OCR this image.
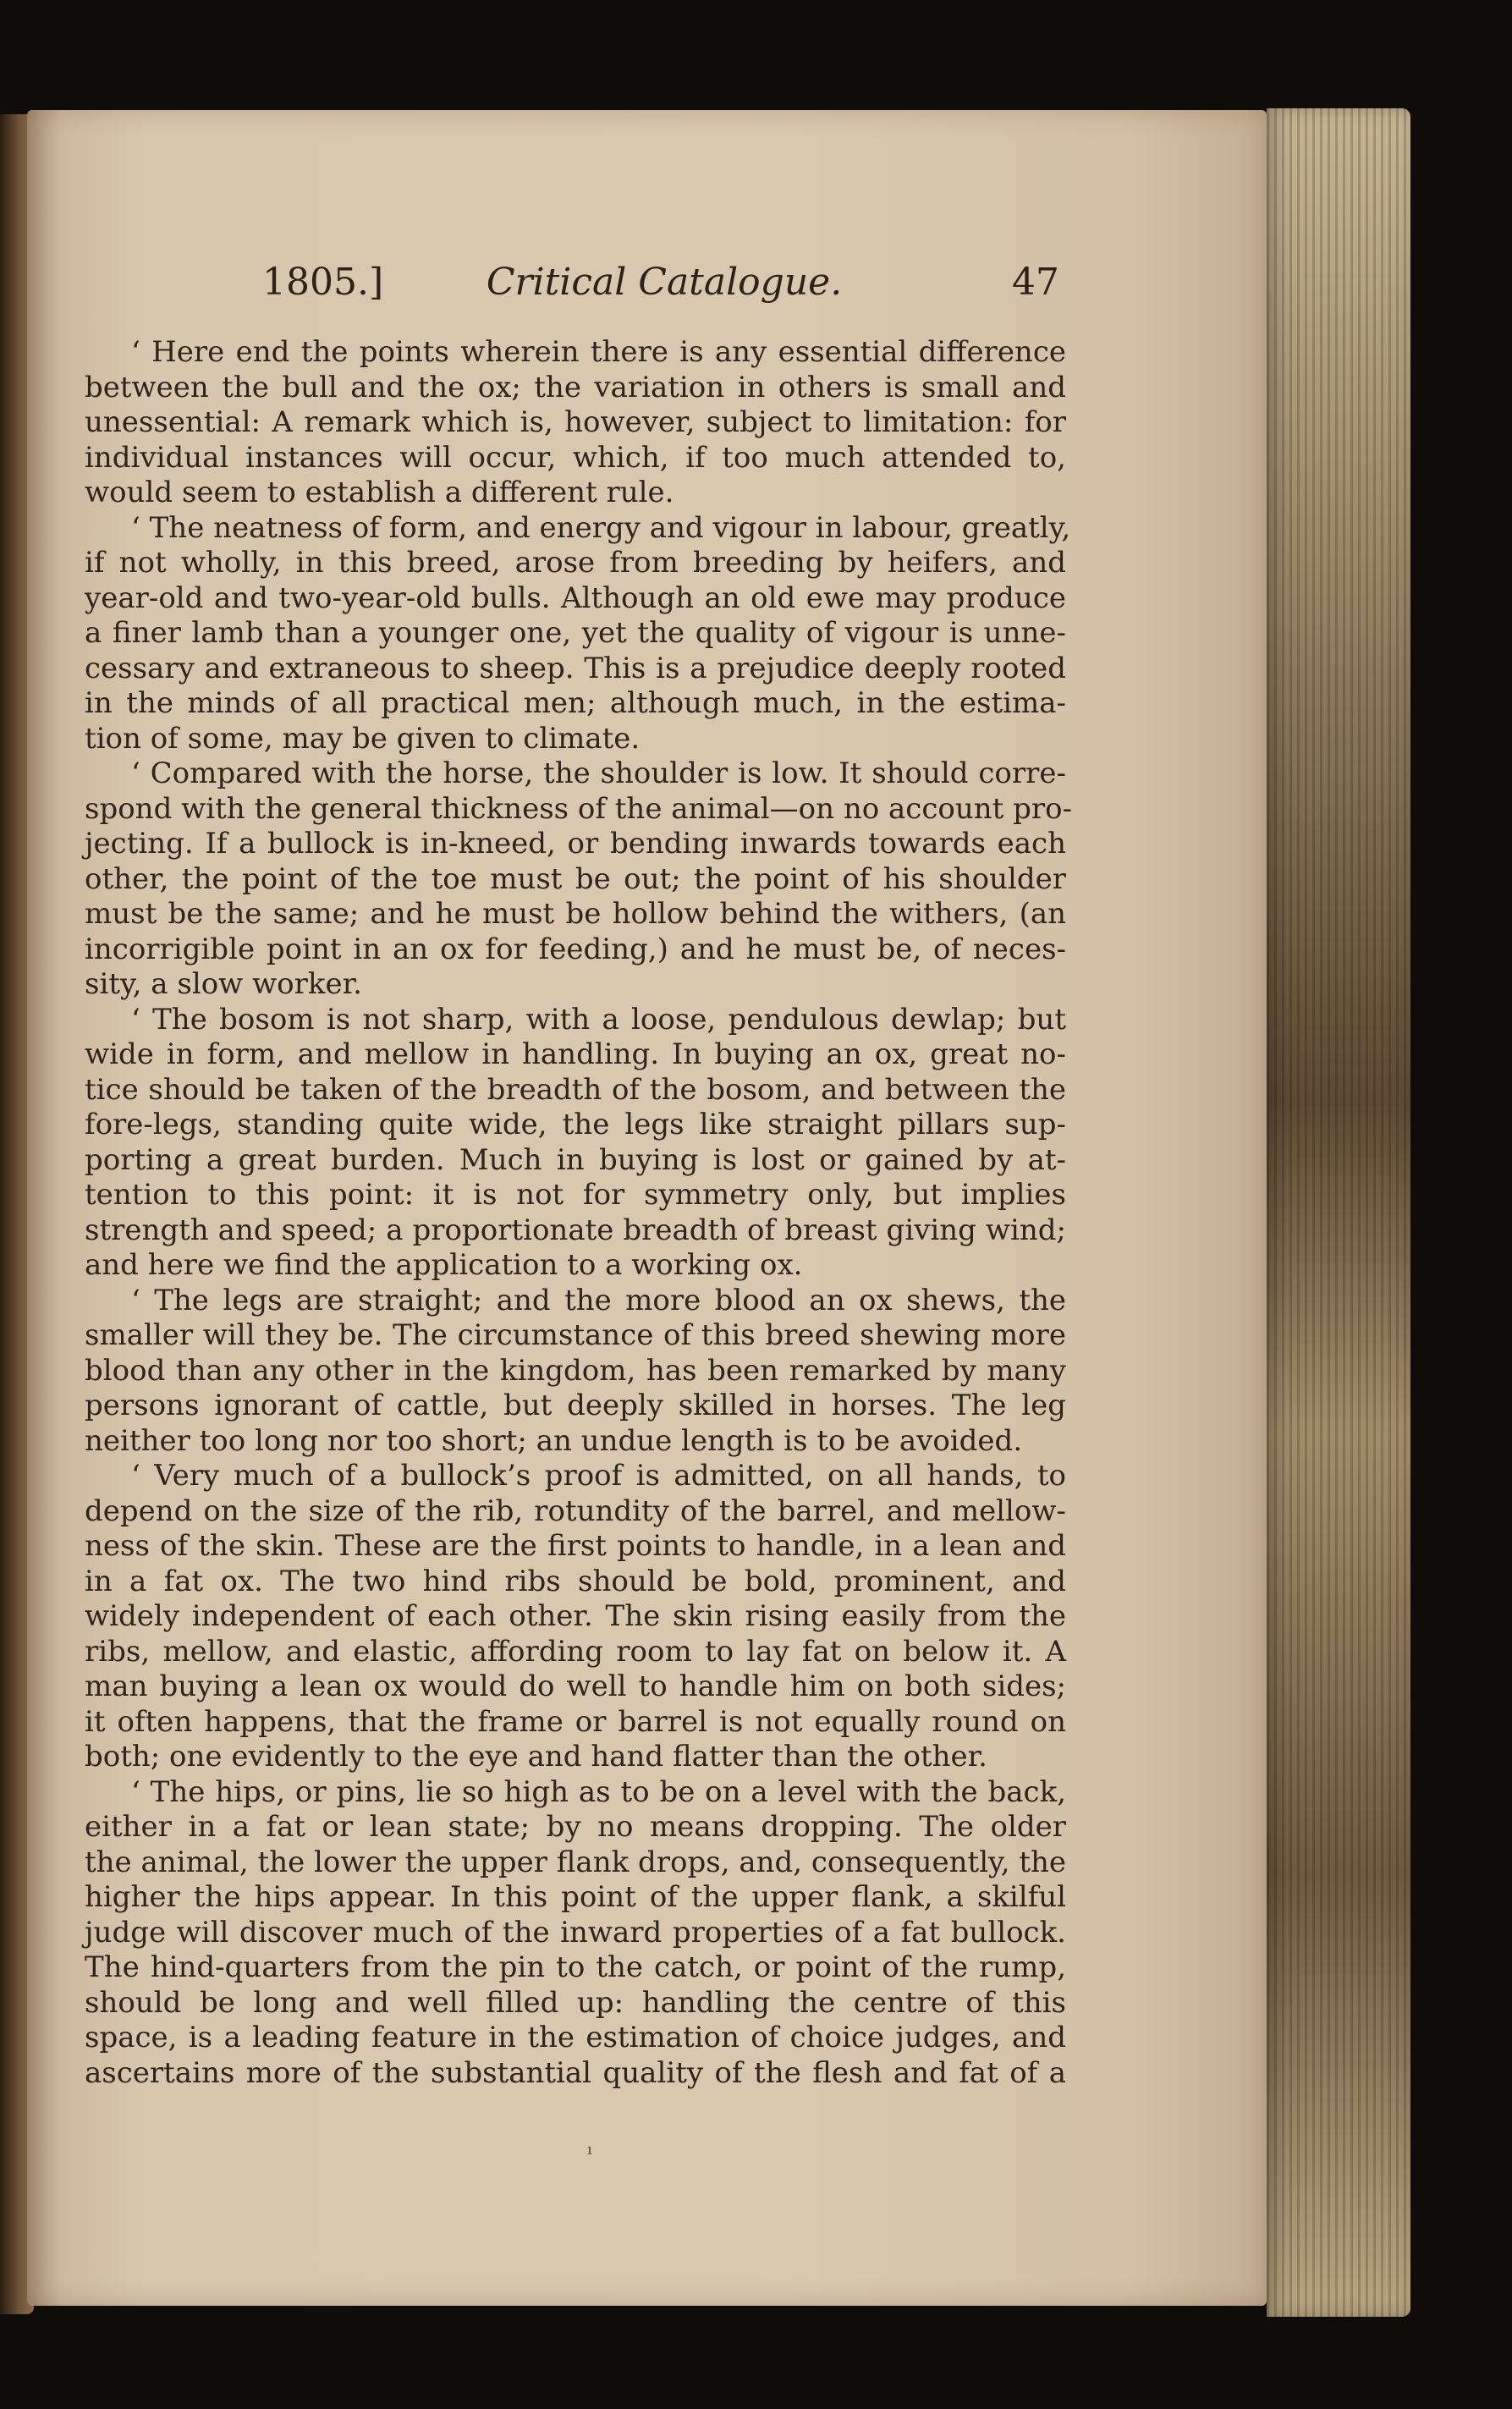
1805.]	Critical Catalogue.	47
‘ Here end the points wherein there is any essential difference
between the bull and the ox; the variation in others is small and
unessential: A remark which is, however, subject to limitation: for
individual instances will occur, which, if too much attended to,
would seem to establish a different rule.
‘ The neatness of form, and energy and vigour in labour, greatly,
if not wholly, in this breed, arose from breeding by heifers, and
year-old and two-year-old bulls. Although an old ewe may produce
a finer lamb than a younger one, yet the quality of vigour is unne-
cessary and extraneous to sheep. This is a prejudice deeply rooted
in the minds of all practical men; although much, in the estima-
tion of some, may be given to climate.
‘ Compared with the horse, the shoulder is low. It should corre-
spond with the general thickness of the animal—on no account pro-
jecting. If a bullock is in-kneed, or bending inwards towards each
other, the point of the toe must be out; the point of his shoulder
must be the same; and he must be hollow behind the withers, (an
incorrigible point in an ox for feeding,) and he must be, of neces-
sity, a slow worker.
‘ The bosom is not sharp, with a loose, pendulous dewlap; but
wide in form, and mellow in handling. In buying an ox, great no-
tice should be taken of the breadth of the bosom, and between the
fore-legs, standing quite wide, the legs like straight pillars sup-
porting a great burden. Much in buying is lost or gained by at-
tention to this point: it is not for symmetry only, but implies
strength and speed; a proportionate breadth of breast giving wind;
and here we find the application to a working ox.
‘ The legs are straight; and the more blood an ox shews, the
smaller will they be. The circumstance of this breed shewing more
blood than any other in the kingdom, has been remarked by many
persons ignorant of cattle, but deeply skilled in horses. The leg
neither too long nor too short; an undue length is to be avoided.
‘ Very much of a bullock’s proof is admitted, on all hands, to
depend on the size of the rib, rotundity of the barrel, and mellow-
ness of the skin. These are the first points to handle, in a lean and
in a fat ox. The two hind ribs should be bold, prominent, and
widely independent of each other. The skin rising easily from the
ribs, mellow, and elastic, affording room to lay fat on below it. A
man buying a lean ox would do well to handle him on both sides;
it often happens, that the frame or barrel is not equally round on
both; one evidently to the eye and hand flatter than the other.
‘ The hips, or pins, lie so high as to be on a level with the back,
either in a fat or lean state; by no means dropping. The older
the animal, the lower the upper flank drops, and, consequently, the
higher the hips appear. In this point of the upper flank, a skilful
judge will discover much of the inward properties of a fat bullock.
The hind-quarters from the pin to the catch, or point of the rump,
should be long and well filled up: handling the centre of this
space, is a leading feature in the estimation of choice judges, and
ascertains more of the substantial quality of the flesh and fat of a
ı
